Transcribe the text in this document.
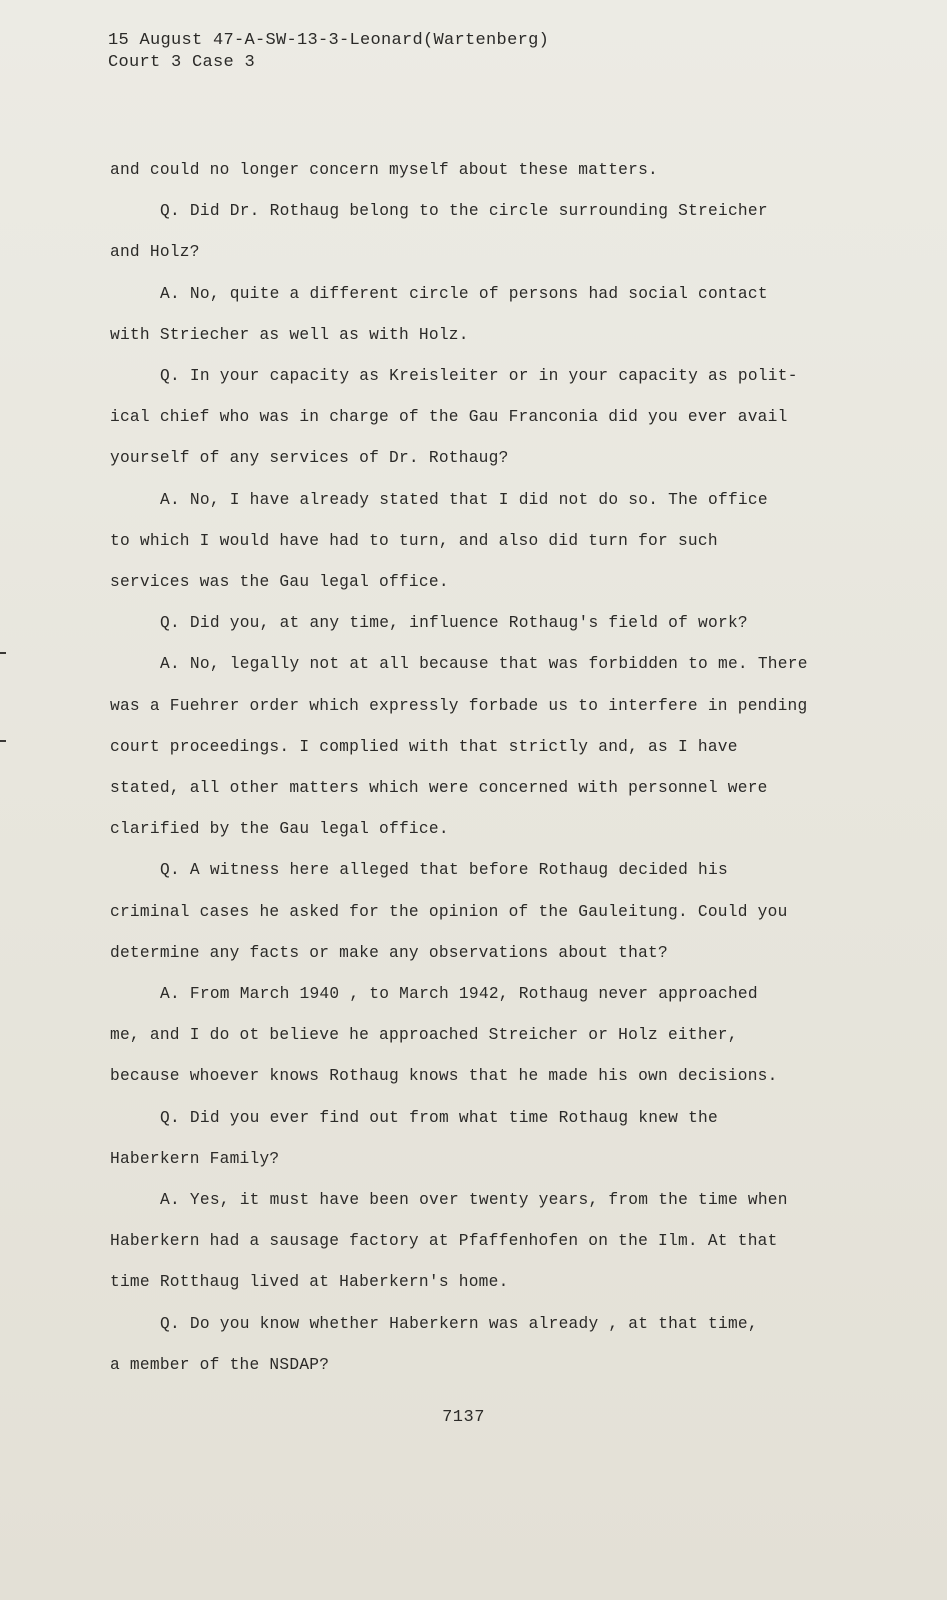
15 August 47-A-SW-13-3-Leonard(Wartenberg)
Court 3 Case 3
and could no longer concern myself about these matters.
Q. Did Dr. Rothaug belong to the circle surrounding Streicher
and Holz?
A. No, quite a different circle of persons had social contact
with Striecher as well as with Holz.
Q. In your capacity as Kreisleiter or in your capacity as polit-
ical chief who was in charge of the Gau Franconia did you ever avail
yourself of any services of Dr. Rothaug?
A. No, I have already stated that I did not do so. The office
to which I would have had to turn, and also did turn for such
services was the Gau legal office.
Q. Did you, at any time, influence Rothaug's field of work?
A. No, legally not at all because that was forbidden to me. There
was a Fuehrer order which expressly forbade us to interfere in pending
court proceedings. I complied with that strictly and, as I have
stated, all other matters which were concerned with personnel were
clarified by the Gau legal office.
Q. A witness here alleged that before Rothaug decided his
criminal cases he asked for the opinion of the Gauleitung. Could you
determine any facts or make any observations about that?
A. From March 1940 , to March 1942, Rothaug never approached
me, and I do ot believe he approached Streicher or Holz either,
because whoever knows Rothaug knows that he made his own decisions.
Q. Did you ever find out from what time Rothaug knew the
Haberkern Family?
A. Yes, it must have been over twenty years, from the time when
Haberkern had a sausage factory at Pfaffenhofen on the Ilm. At that
time Rotthaug lived at Haberkern's home.
Q. Do you know whether Haberkern was already , at that time,
a member of the NSDAP?
7137
